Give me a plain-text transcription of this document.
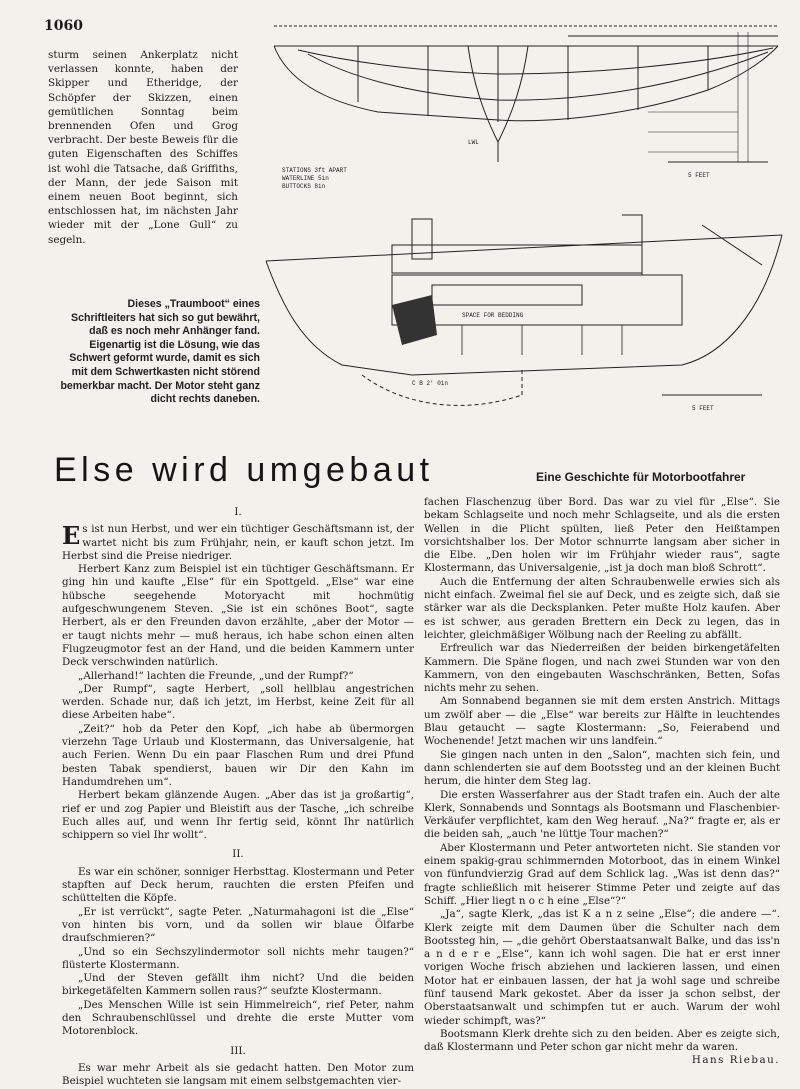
1060
sturm seinen Ankerplatz nicht verlassen konnte, haben der Skipper und Etheridge, der Schöpfer der Skizzen, einen gemütlichen Sonntag beim brennenden Ofen und Grog verbracht. Der beste Beweis für die guten Eigenschaften des Schiffes ist wohl die Tatsache, daß Griffiths, der Mann, der jede Saison mit einem neuen Boot beginnt, sich entschlossen hat, im nächsten Jahr wieder mit der „Lone Gull“ zu segeln.
STATIONS 3ft APART
WATERLINE 5in
BUTTOCKS 8in
LWL
5 FEET
SPACE FOR BEDDING
C B 2' 0in
5 FEET
Dieses „Traumboot“ eines Schriftleiters hat sich so gut bewährt, daß es noch mehr Anhänger fand. Eigenartig ist die Lösung, wie das Schwert geformt wurde, damit es sich mit dem Schwertkasten nicht störend bemerkbar macht. Der Motor steht ganz dicht rechts daneben.
Else wird umgebaut	Eine Geschichte für Motorbootfahrer

I.

Es ist nun Herbst, und wer ein tüchtiger Geschäftsmann ist, der wartet nicht bis zum Frühjahr, nein, er kauft schon jetzt. Im Herbst sind die Preise niedriger.

Herbert Kanz zum Beispiel ist ein tüchtiger Geschäftsmann. Er ging hin und kaufte „Else“ für ein Spottgeld. „Else“ war eine hübsche seegehende Motoryacht mit hochmütig aufgeschwungenem Steven. „Sie ist ein schönes Boot“, sagte Herbert, als er den Freunden davon erzählte, „aber der Motor — er taugt nichts mehr — muß heraus, ich habe schon einen alten Flugzeugmotor fest an der Hand, und die beiden Kammern unter Deck verschwinden natürlich.

„Allerhand!“ lachten die Freunde, „und der Rumpf?“

„Der Rumpf“, sagte Herbert, „soll hellblau angestrichen werden. Schade nur, daß ich jetzt, im Herbst, keine Zeit für all diese Arbeiten habe“.

„Zeit?“ hob da Peter den Kopf, „ich habe ab übermorgen vierzehn Tage Urlaub und Klostermann, das Universalgenie, hat auch Ferien. Wenn Du ein paar Flaschen Rum und drei Pfund besten Tabak spendierst, bauen wir Dir den Kahn im Handumdrehen um“.

Herbert bekam glänzende Augen. „Aber das ist ja großartig“, rief er und zog Papier und Bleistift aus der Tasche, „ich schreibe Euch alles auf, und wenn Ihr fertig seid, könnt Ihr natürlich schippern so viel Ihr wollt“.

II.

Es war ein schöner, sonniger Herbsttag. Klostermann und Peter stapften auf Deck herum, rauchten die ersten Pfeifen und schüttelten die Köpfe.

„Er ist verrückt“, sagte Peter. „Naturmahagoni ist die „Else“ von hinten bis vorn, und da sollen wir blaue Ölfarbe draufschmieren?“

„Und so ein Sechszylindermotor soll nichts mehr taugen?“ flüsterte Klostermann.

„Und der Steven gefällt ihm nicht? Und die beiden birkegetäfelten Kammern sollen raus?“ seufzte Klostermann.

„Des Menschen Wille ist sein Himmelreich“, rief Peter, nahm den Schraubenschlüssel und drehte die erste Mutter vom Motorenblock.

III.

Es war mehr Arbeit als sie gedacht hatten. Den Motor zum Beispiel wuchteten sie langsam mit einem selbstgemachten vier-

fachen Flaschenzug über Bord. Das war zu viel für „Else“. Sie bekam Schlagseite und noch mehr Schlagseite, und als die ersten Wellen in die Plicht spülten, ließ Peter den Heißtampen vorsichtshalber los. Der Motor schnurrte langsam aber sicher in die Elbe. „Den holen wir im Frühjahr wieder raus“, sagte Klostermann, das Universalgenie, „ist ja doch man bloß Schrott“.

Auch die Entfernung der alten Schraubenwelle erwies sich als nicht einfach. Zweimal fiel sie auf Deck, und es zeigte sich, daß sie stärker war als die Decksplanken. Peter mußte Holz kaufen. Aber es ist schwer, aus geraden Brettern ein Deck zu legen, das in leichter, gleichmäßiger Wölbung nach der Reeling zu abfällt.

Erfreulich war das Niederreißen der beiden birkengetäfelten Kammern. Die Späne flogen, und nach zwei Stunden war von den Kammern, von den eingebauten Waschschränken, Betten, Sofas nichts mehr zu sehen.

Am Sonnabend begannen sie mit dem ersten Anstrich. Mittags um zwölf aber — die „Else“ war bereits zur Hälfte in leuchtendes Blau getaucht — sagte Klostermann: „So, Feierabend und Wochenende! Jetzt machen wir uns landfein.“

Sie gingen nach unten in den „Salon“, machten sich fein, und dann schlenderten sie auf dem Bootssteg und an der kleinen Bucht herum, die hinter dem Steg lag.

Die ersten Wasserfahrer aus der Stadt trafen ein. Auch der alte Klerk, Sonnabends und Sonntags als Bootsmann und Flaschenbier-Verkäufer verpflichtet, kam den Weg herauf. „Na?“ fragte er, als er die beiden sah, „auch 'ne lüttje Tour machen?“

Aber Klostermann und Peter antworteten nicht. Sie standen vor einem spakig-grau schimmernden Motorboot, das in einem Winkel von fünfundvierzig Grad auf dem Schlick lag. „Was ist denn das?“ fragte schließlich mit heiserer Stimme Peter und zeigte auf das Schiff. „Hier liegt n o c h eine „Else“?“

„Ja“, sagte Klerk, „das ist K a n z seine „Else“; die andere —“. Klerk zeigte mit dem Daumen über die Schulter nach dem Bootssteg hin, — „die gehört Oberstaatsanwalt Balke, und das iss'n a n d e r e „Else“, kann ich wohl sagen. Die hat er erst inner vorigen Woche frisch abziehen und lackieren lassen, und einen Motor hat er einbauen lassen, der hat ja wohl sage und schreibe fünf tausend Mark gekostet. Aber da isser ja schon selbst, der Oberstaatsanwalt und schimpfen tut er auch. Warum der wohl wieder schimpft, was?“

Bootsmann Klerk drehte sich zu den beiden. Aber es zeigte sich, daß Klostermann und Peter schon gar nicht mehr da waren.

Hans Riebau.
